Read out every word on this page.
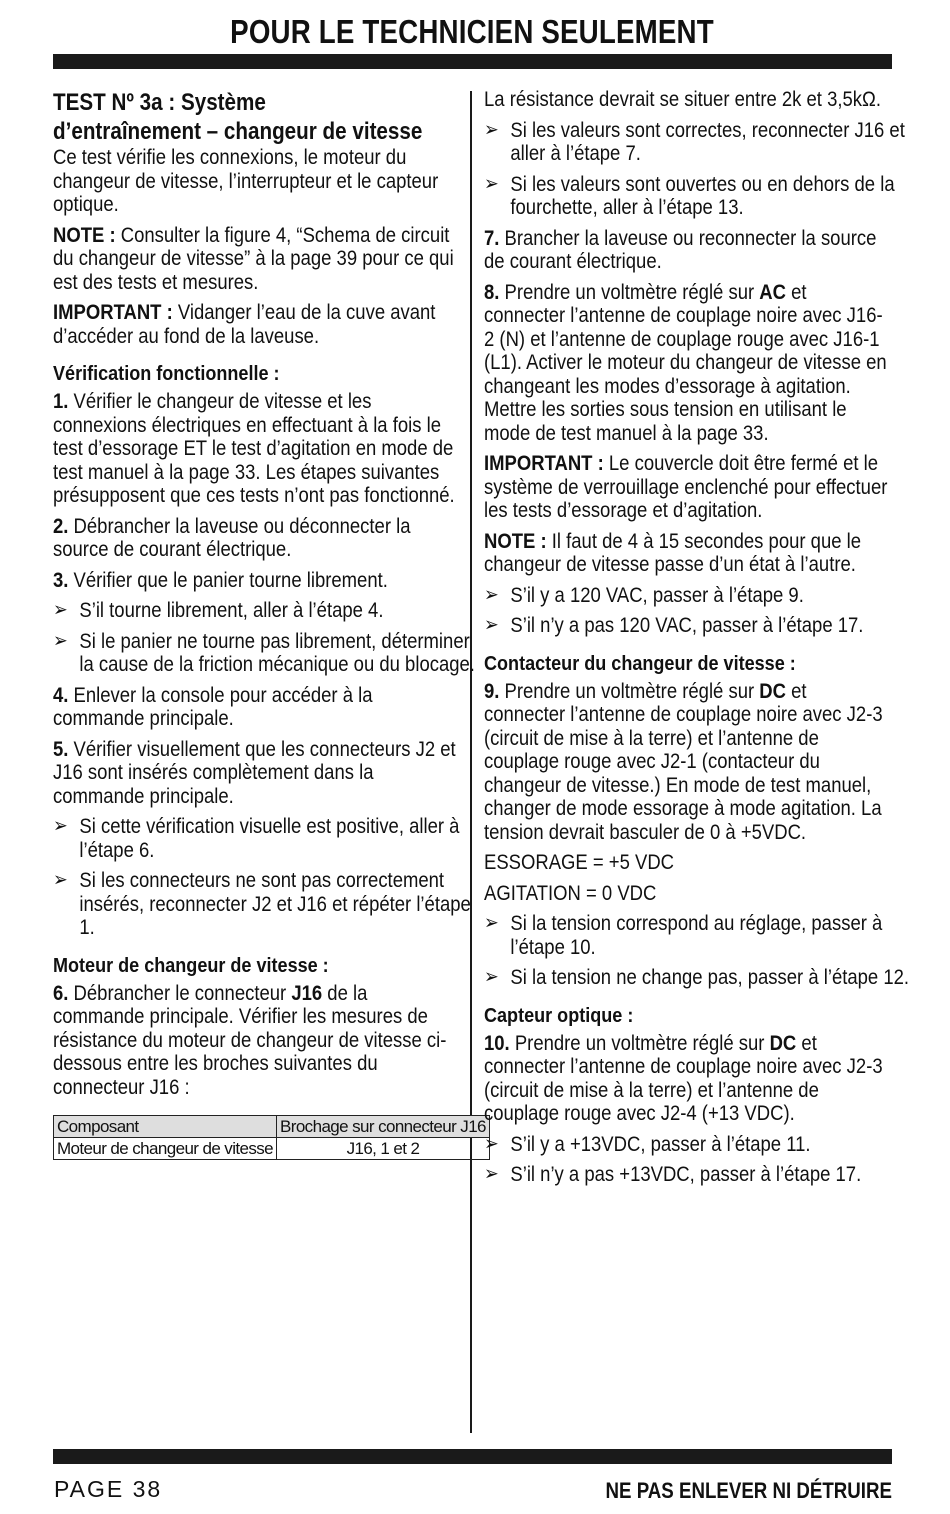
POUR LE TECHNICIEN SEULEMENT
TEST Nº 3a : Système
d’entraînement – changeur de vitesse
Ce test vérifie les connexions, le moteur du changeur de vitesse, l’interrupteur et le capteur optique.
NOTE : Consulter la figure 4, “Schema de circuit du changeur de vitesse” à la page 39 pour ce qui est des tests et mesures.
IMPORTANT : Vidanger l’eau de la cuve avant d’accéder au fond de la laveuse.
Vérification fonctionnelle :
1. Vérifier le changeur de vitesse et les connexions électriques en effectuant à la fois le test d’essorage ET le test d’agitation en mode de test manuel à la page 33. Les étapes suivantes présupposent que ces tests n’ont pas fonctionné.
2. Débrancher la laveuse ou déconnecter la source de courant électrique.
3. Vérifier que le panier tourne librement.
➢ S’il tourne librement, aller à l’étape 4.
➢ Si le panier ne tourne pas librement, déterminer la cause de la friction mécanique ou du blocage.
4. Enlever la console pour accéder à la commande principale.
5. Vérifier visuellement que les connecteurs J2 et J16 sont insérés complètement dans la commande principale.
➢ Si cette vérification visuelle est positive, aller à l’étape 6.
➢ Si les connecteurs ne sont pas correctement insérés, reconnecter J2 et J16 et répéter l’étape 1.
Moteur de changeur de vitesse :
6. Débrancher le connecteur J16 de la commande principale. Vérifier les mesures de résistance du moteur de changeur de vitesse ci-dessous entre les broches suivantes du connecteur J16 :
Composant	Brochage sur connecteur J16
Moteur de changeur de vitesse	J16, 1 et 2
La résistance devrait se situer entre 2k et 3,5kΩ.
➢ Si les valeurs sont correctes, reconnecter J16 et aller à l’étape 7.
➢ Si les valeurs sont ouvertes ou en dehors de la fourchette, aller à l’étape 13.
7. Brancher la laveuse ou reconnecter la source de courant électrique.
8. Prendre un voltmètre réglé sur AC et connecter l’antenne de couplage noire avec J16-2 (N) et l’antenne de couplage rouge avec J16-1 (L1). Activer le moteur du changeur de vitesse en changeant les modes d’essorage à agitation. Mettre les sorties sous tension en utilisant le mode de test manuel à la page 33.
IMPORTANT : Le couvercle doit être fermé et le système de verrouillage enclenché pour effectuer les tests d’essorage et d’agitation.
NOTE : Il faut de 4 à 15 secondes pour que le changeur de vitesse passe d’un état à l’autre.
➢ S’il y a 120 VAC, passer à l’étape 9.
➢ S’il n’y a pas 120 VAC, passer à l’étape 17.
Contacteur du changeur de vitesse :
9. Prendre un voltmètre réglé sur DC et connecter l’antenne de couplage noire avec J2-3 (circuit de mise à la terre) et l’antenne de couplage rouge avec J2-1 (contacteur du changeur de vitesse.) En mode de test manuel, changer de mode essorage à mode agitation. La tension devrait basculer de 0 à +5VDC.
ESSORAGE = +5 VDC
AGITATION = 0 VDC
➢ Si la tension correspond au réglage, passer à l’étape 10.
➢ Si la tension ne change pas, passer à l’étape 12.
Capteur optique :
10. Prendre un voltmètre réglé sur DC et connecter l’antenne de couplage noire avec J2-3 (circuit de mise à la terre) et l’antenne de couplage rouge avec J2-4 (+13 VDC).
➢ S’il y a +13VDC, passer à l’étape 11.
➢ S’il n’y a pas +13VDC, passer à l’étape 17.
PAGE 38	NE PAS ENLEVER NI DÉTRUIRE
